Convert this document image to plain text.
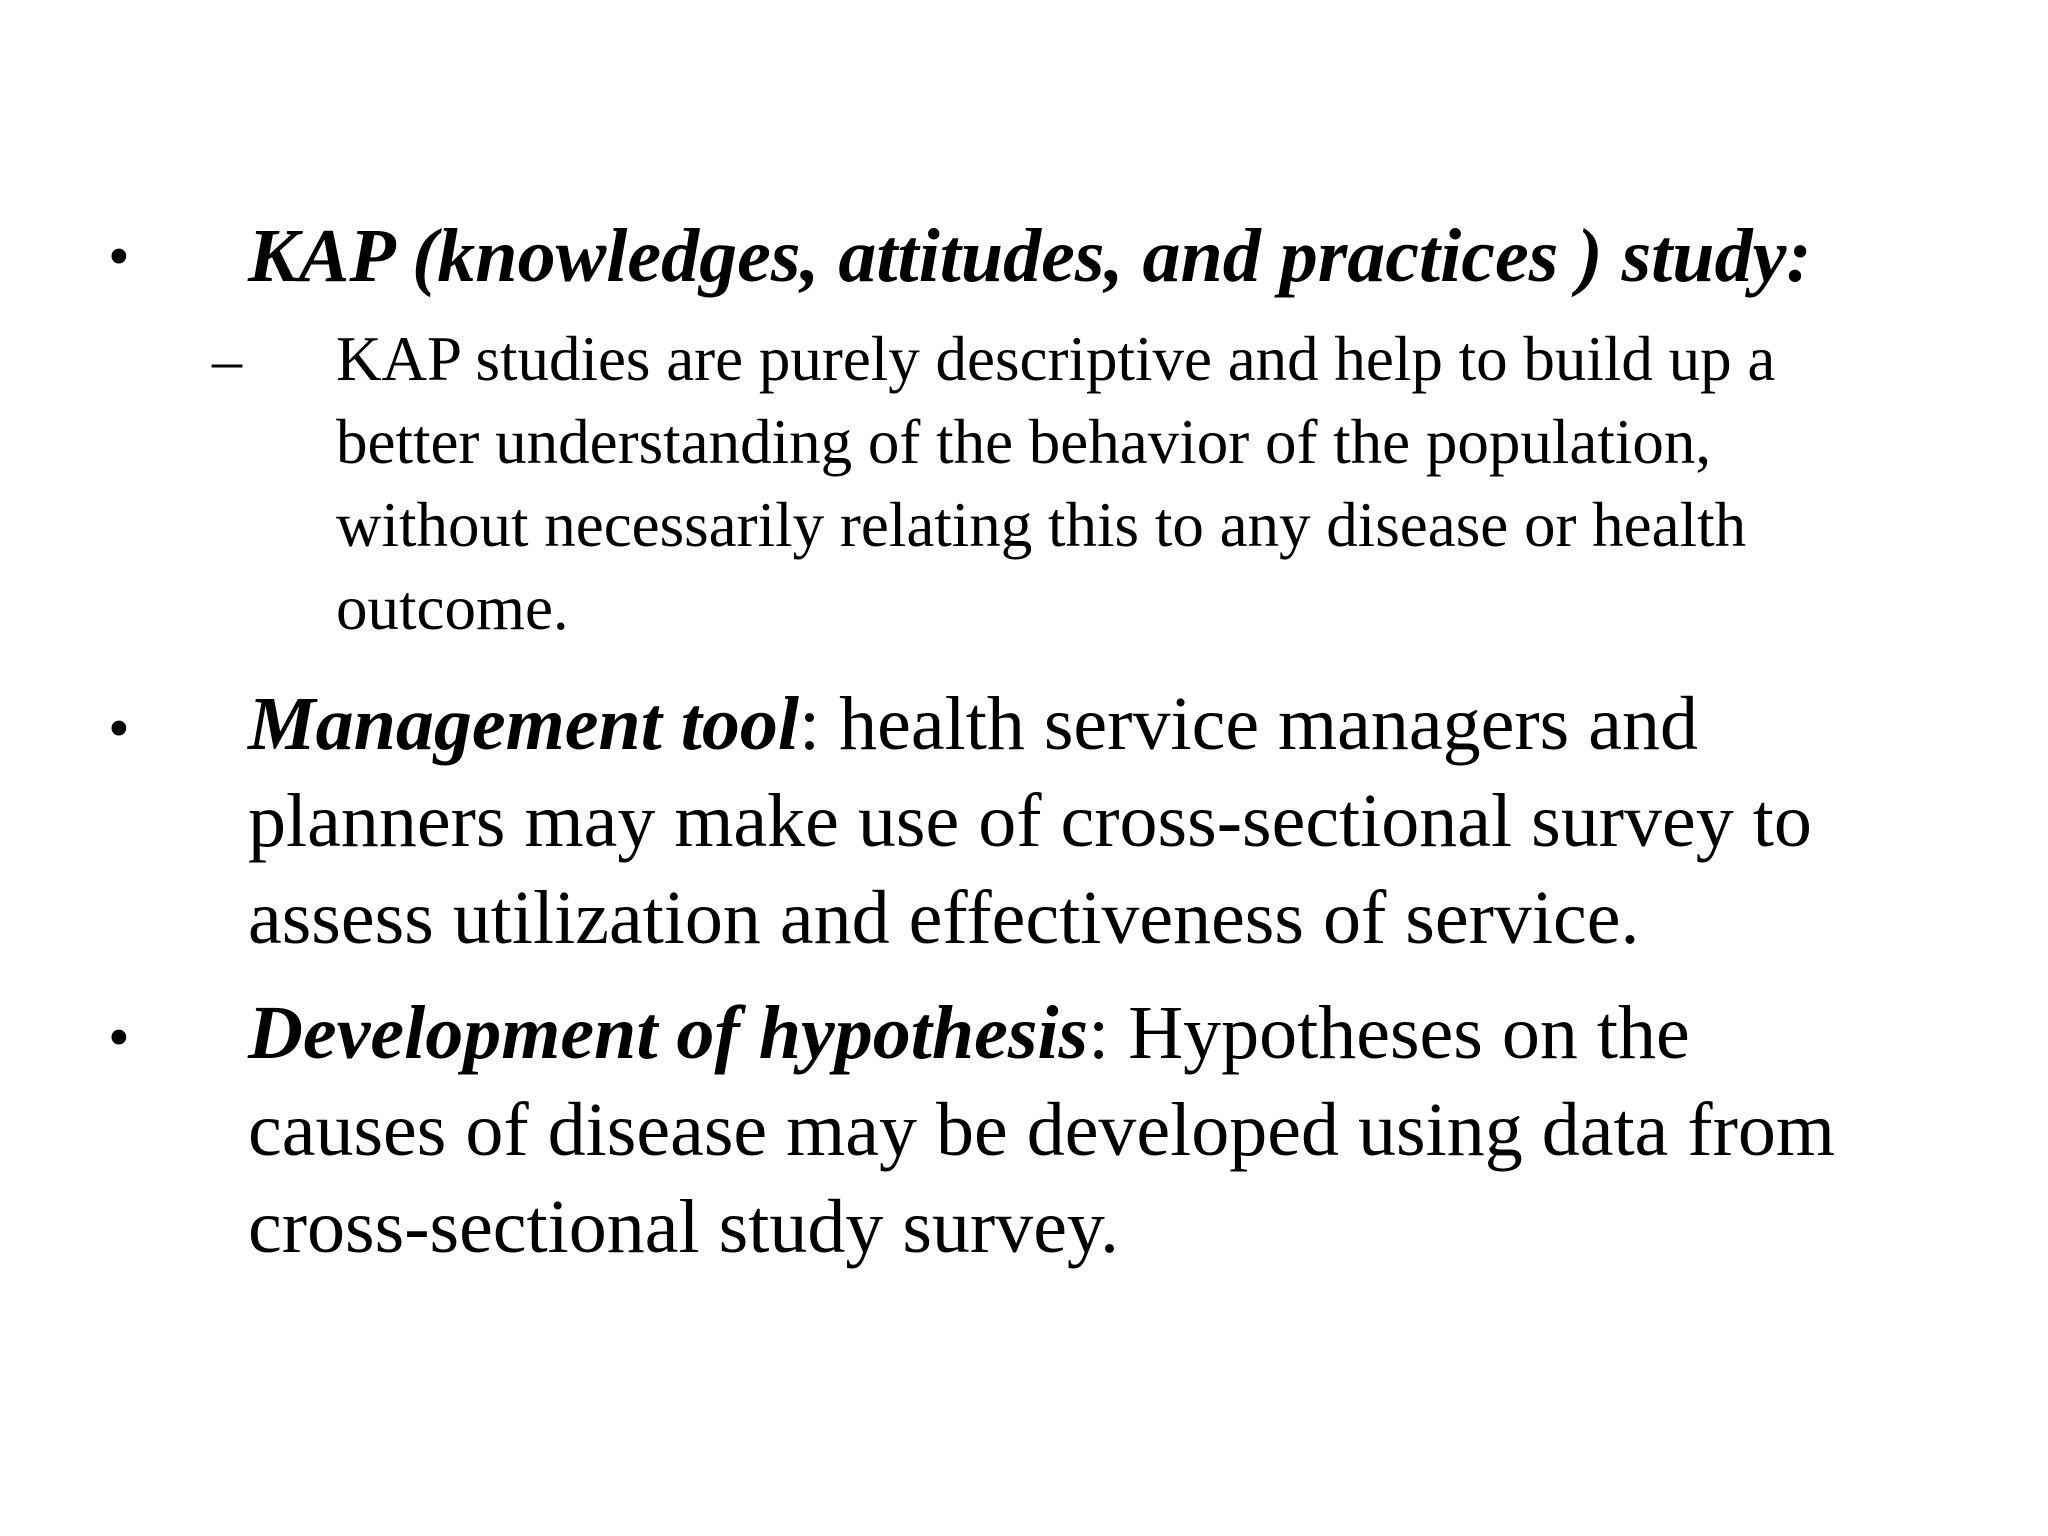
• KAP (knowledges, attitudes, and practices ) study:
– KAP studies are purely descriptive and help to build up a
better understanding of the behavior of the population,
without necessarily relating this to any disease or health
outcome.
• Management tool: health service managers and
planners may make use of cross-sectional survey to
assess utilization and effectiveness of service.
• Development of hypothesis: Hypotheses on the
causes of disease may be developed using data from
cross-sectional study survey.
